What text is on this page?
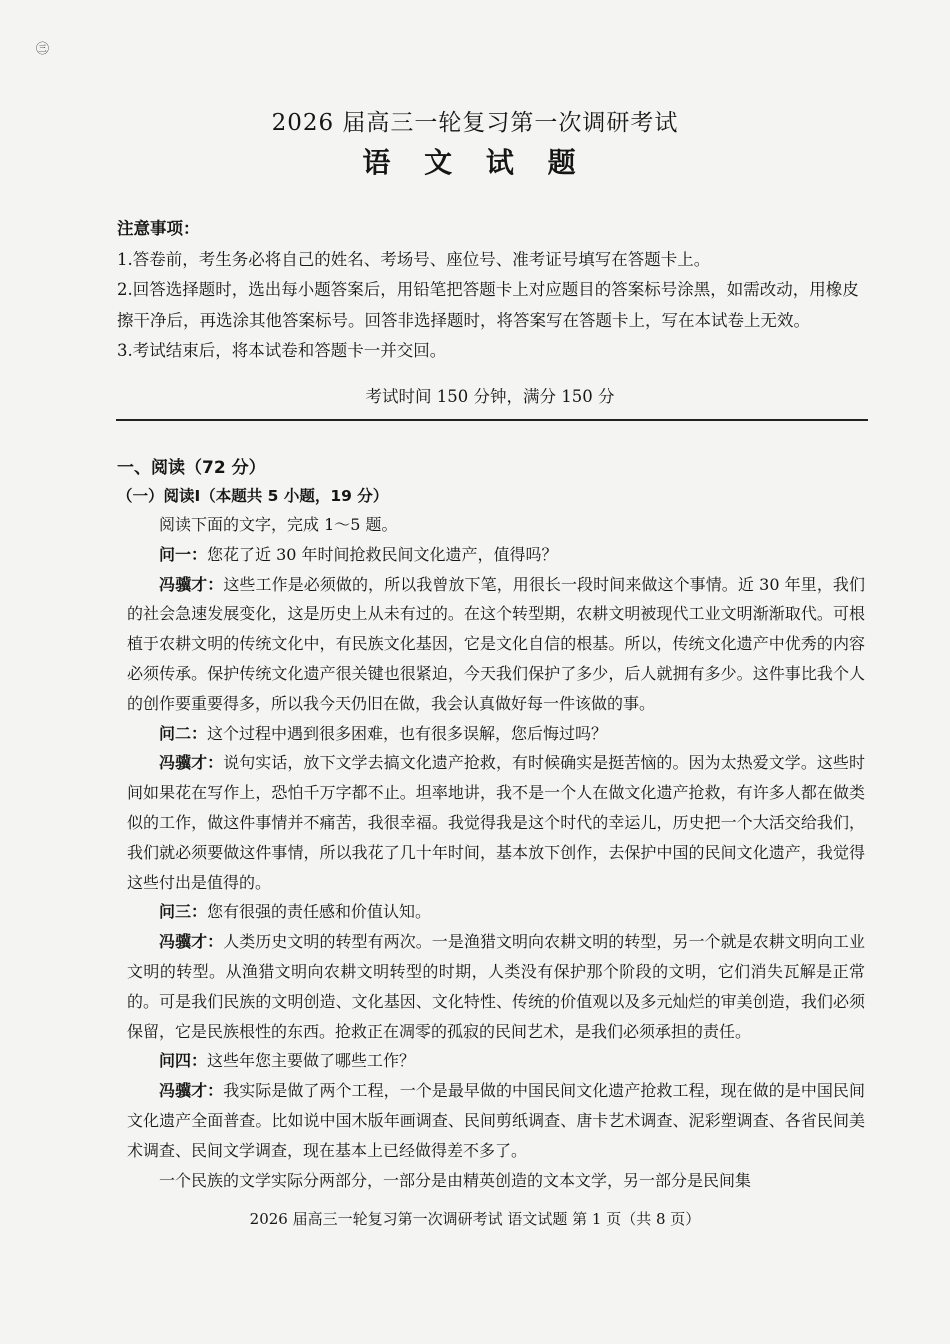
㊂
2026 届高三一轮复习第一次调研考试
语 文 试 题
注意事项：
1.答卷前，考生务必将自己的姓名、考场号、座位号、准考证号填写在答题卡上。
2.回答选择题时，选出每小题答案后，用铅笔把答题卡上对应题目的答案标号涂黑，如需改动，用橡皮擦干净后，再选涂其他答案标号。回答非选择题时，将答案写在答题卡上，写在本试卷上无效。
3.考试结束后，将本试卷和答题卡一并交回。
考试时间 150 分钟，满分 150 分
一、阅读（72 分）
（一）阅读Ⅰ（本题共 5 小题，19 分）

阅读下面的文字，完成 1～5 题。

问一：您花了近 30 年时间抢救民间文化遗产，值得吗？

冯骥才：这些工作是必须做的，所以我曾放下笔，用很长一段时间来做这个事情。近 30 年里，我们的社会急速发展变化，这是历史上从未有过的。在这个转型期，农耕文明被现代工业文明渐渐取代。可根植于农耕文明的传统文化中，有民族文化基因，它是文化自信的根基。所以，传统文化遗产中优秀的内容必须传承。保护传统文化遗产很关键也很紧迫，今天我们保护了多少，后人就拥有多少。这件事比我个人的创作要重要得多，所以我今天仍旧在做，我会认真做好每一件该做的事。

问二：这个过程中遇到很多困难，也有很多误解，您后悔过吗？

冯骥才：说句实话，放下文学去搞文化遗产抢救，有时候确实是挺苦恼的。因为太热爱文学。这些时间如果花在写作上，恐怕千万字都不止。坦率地讲，我不是一个人在做文化遗产抢救，有许多人都在做类似的工作，做这件事情并不痛苦，我很幸福。我觉得我是这个时代的幸运儿，历史把一个大活交给我们，我们就必须要做这件事情，所以我花了几十年时间，基本放下创作，去保护中国的民间文化遗产，我觉得这些付出是值得的。

问三：您有很强的责任感和价值认知。

冯骥才：人类历史文明的转型有两次。一是渔猎文明向农耕文明的转型，另一个就是农耕文明向工业文明的转型。从渔猎文明向农耕文明转型的时期，人类没有保护那个阶段的文明，它们消失瓦解是正常的。可是我们民族的文明创造、文化基因、文化特性、传统的价值观以及多元灿烂的审美创造，我们必须保留，它是民族根性的东西。抢救正在凋零的孤寂的民间艺术，是我们必须承担的责任。

问四：这些年您主要做了哪些工作？

冯骥才：我实际是做了两个工程，一个是最早做的中国民间文化遗产抢救工程，现在做的是中国民间文化遗产全面普查。比如说中国木版年画调查、民间剪纸调查、唐卡艺术调查、泥彩塑调查、各省民间美术调查、民间文学调查，现在基本上已经做得差不多了。

一个民族的文学实际分两部分，一部分是由精英创造的文本文学，另一部分是民间集

2026 届高三一轮复习第一次调研考试 语文试题 第 1 页（共 8 页）
